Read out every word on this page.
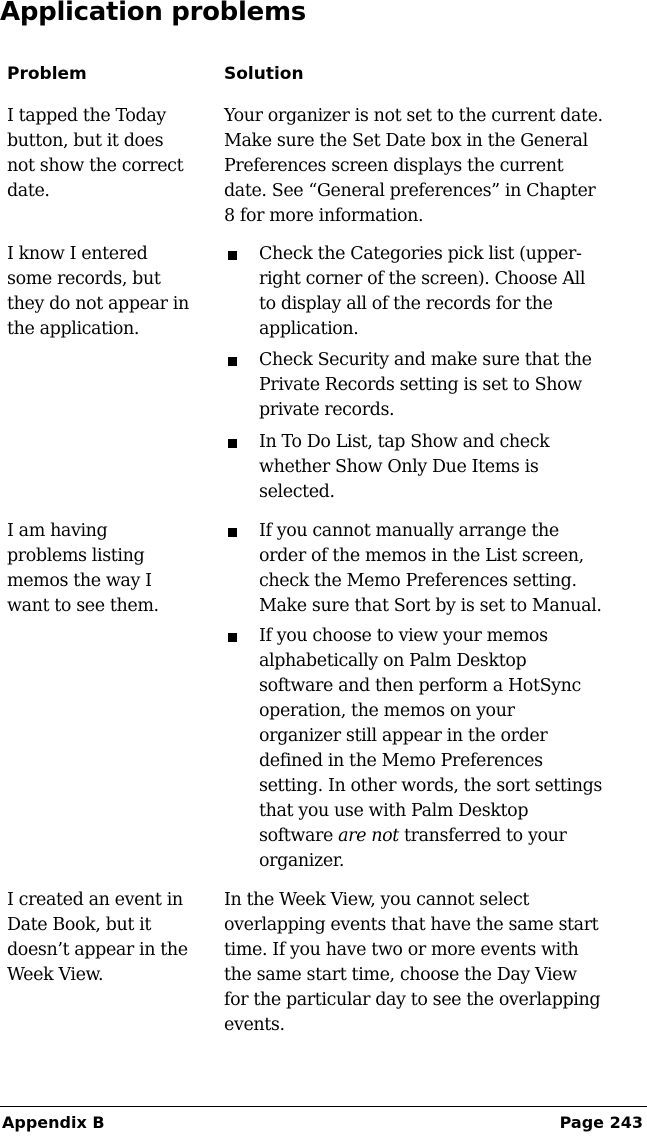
Application problems
Problem	Solution
I tapped the Today
button, but it does
not show the correct
date.
Your organizer is not set to the current date.
Make sure the Set Date box in the General
Preferences screen displays the current
date. See “General preferences” in Chapter
8 for more information.
I know I entered
some records, but
they do not appear in
the application.
Check the Categories pick list (upper-
right corner of the screen). Choose All
to display all of the records for the
application.
Check Security and make sure that the
Private Records setting is set to Show
private records.
In To Do List, tap Show and check
whether Show Only Due Items is
selected.
I am having
problems listing
memos the way I
want to see them.
If you cannot manually arrange the
order of the memos in the List screen,
check the Memo Preferences setting.
Make sure that Sort by is set to Manual.
If you choose to view your memos
alphabetically on Palm Desktop
software and then perform a HotSync
operation, the memos on your
organizer still appear in the order
defined in the Memo Preferences
setting. In other words, the sort settings
that you use with Palm Desktop
software are not transferred to your
organizer.
I created an event in
Date Book, but it
doesn’t appear in the
Week View.
In the Week View, you cannot select
overlapping events that have the same start
time. If you have two or more events with
the same start time, choose the Day View
for the particular day to see the overlapping
events.
Appendix B	Page 243
